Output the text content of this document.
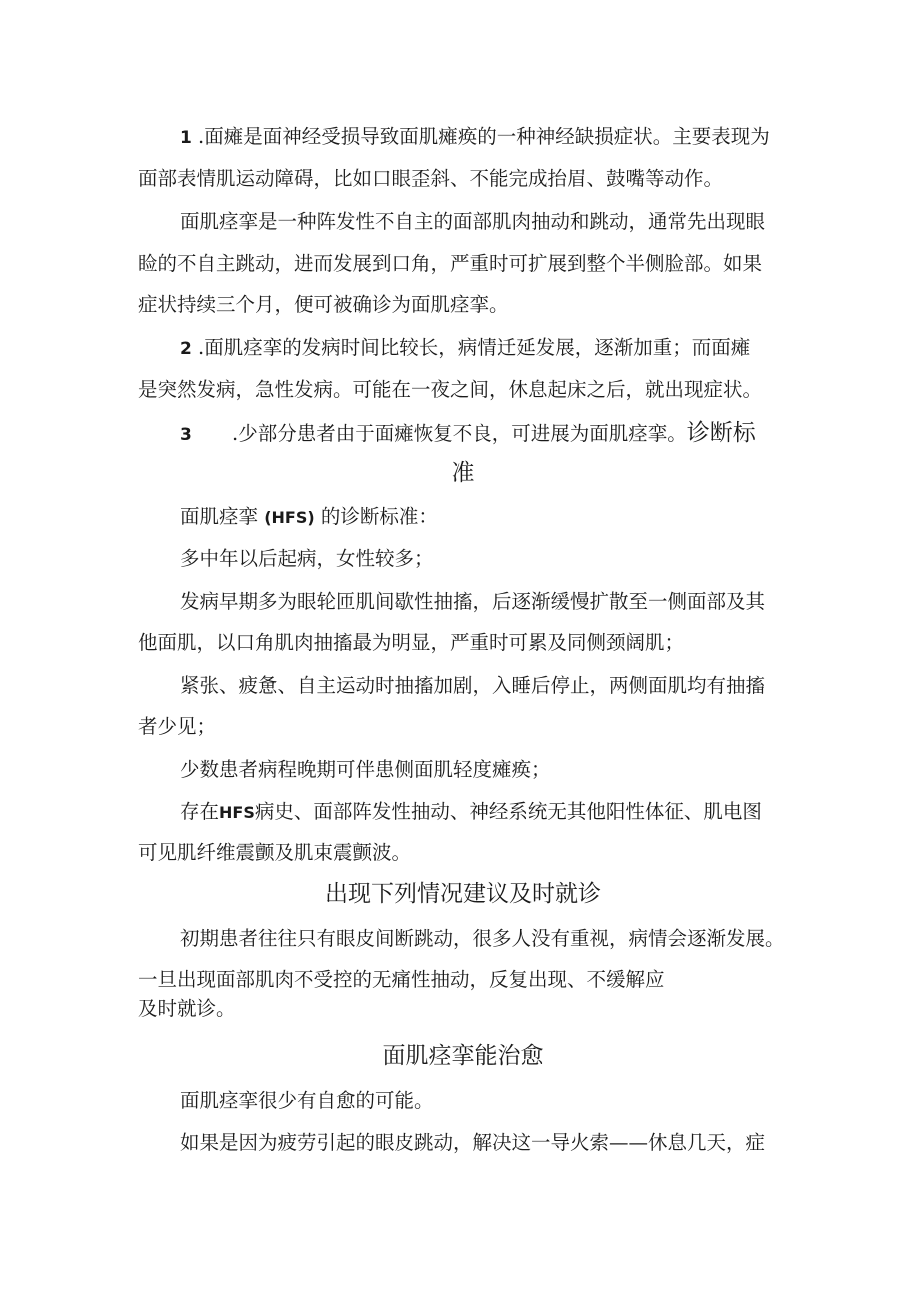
1 .面瘫是面神经受损导致面肌瘫痪的一种神经缺损症状。主要表现为
面部表情肌运动障碍，比如口眼歪斜、不能完成抬眉、鼓嘴等动作。
面肌痉挛是一种阵发性不自主的面部肌肉抽动和跳动，通常先出现眼
睑的不自主跳动，进而发展到口角，严重时可扩展到整个半侧脸部。如果
症状持续三个月，便可被确诊为面肌痉挛。
2 .面肌痉挛的发病时间比较长，病情迁延发展，逐渐加重；而面瘫
是突然发病，急性发病。可能在一夜之间，休息起床之后，就出现症状。
3 .少部分患者由于面瘫恢复不良，可进展为面肌痉挛。诊断标
准
面肌痉挛 (HFS) 的诊断标准：
多中年以后起病，女性较多；
发病早期多为眼轮匝肌间歇性抽搐，后逐渐缓慢扩散至一侧面部及其
他面肌，以口角肌肉抽搐最为明显，严重时可累及同侧颈阔肌；
紧张、疲惫、自主运动时抽搐加剧，入睡后停止，两侧面肌均有抽搐
者少见；
少数患者病程晚期可伴患侧面肌轻度瘫痪；
存在HFS病史、面部阵发性抽动、神经系统无其他阳性体征、肌电图
可见肌纤维震颤及肌束震颤波。
出现下列情况建议及时就诊
初期患者往往只有眼皮间断跳动，很多人没有重视，病情会逐渐发展。
一旦出现面部肌肉不受控的无痛性抽动，反复出现、不缓解应
及时就诊。
面肌痉挛能治愈
面肌痉挛很少有自愈的可能。
如果是因为疲劳引起的眼皮跳动，解决这一导火索——休息几天，症
